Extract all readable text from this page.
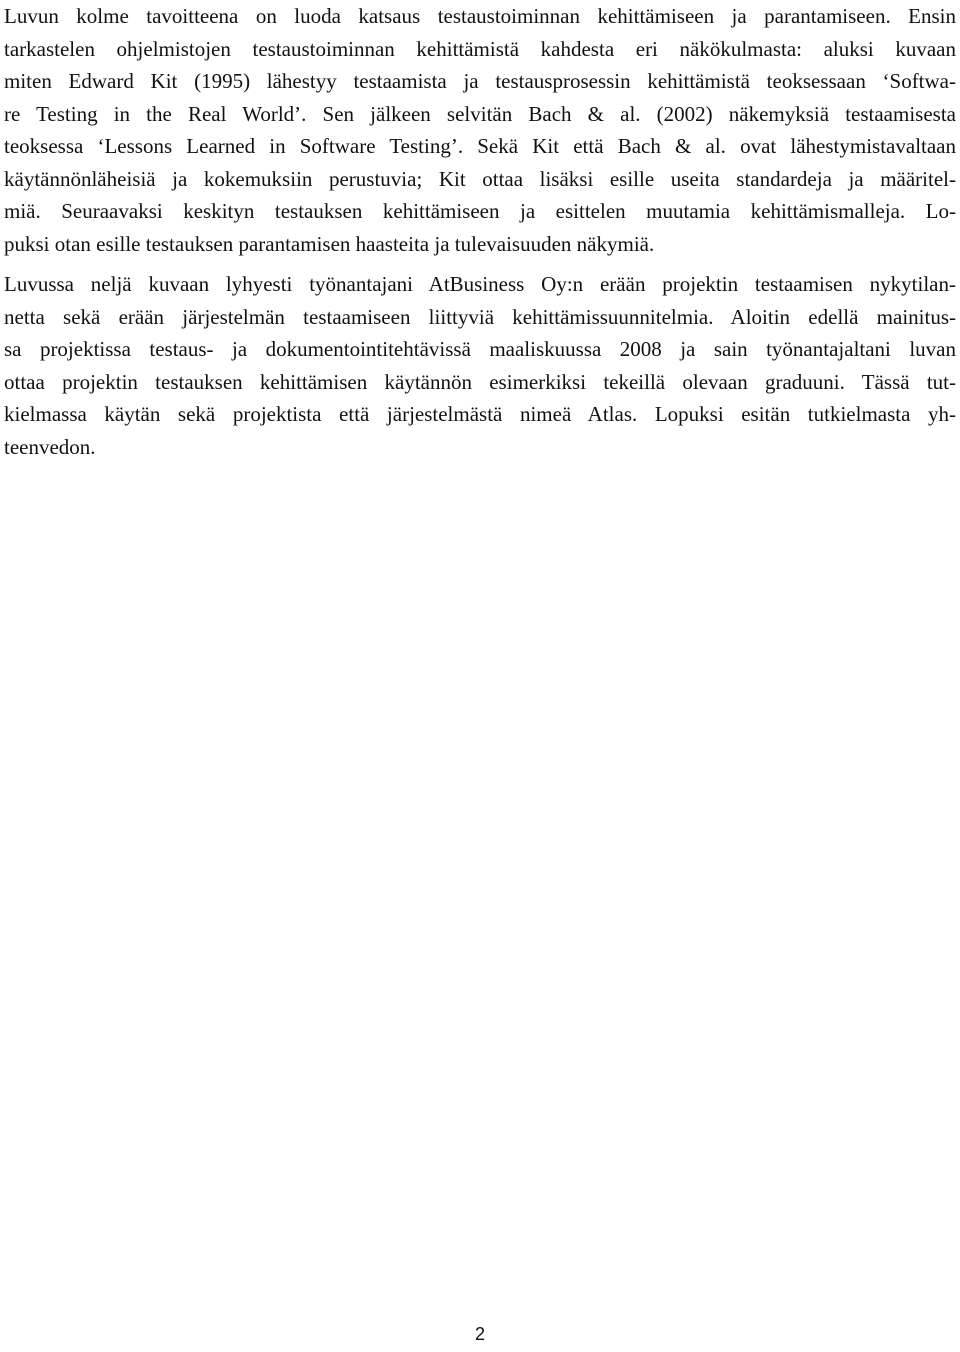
Luvun kolme tavoitteena on luoda katsaus testaustoiminnan kehittämiseen ja parantamiseen. Ensin
tarkastelen ohjelmistojen testaustoiminnan kehittämistä kahdesta eri näkökulmasta: aluksi kuvaan
miten Edward Kit (1995) lähestyy testaamista ja testausprosessin kehittämistä teoksessaan ‘Softwa-
re Testing in the Real World’. Sen jälkeen selvitän Bach & al. (2002) näkemyksiä testaamisesta
teoksessa ‘Lessons Learned in Software Testing’. Sekä Kit että Bach & al. ovat lähestymistavaltaan
käytännönläheisiä ja kokemuksiin perustuvia; Kit ottaa lisäksi esille useita standardeja ja määritel-
miä. Seuraavaksi keskityn testauksen kehittämiseen ja esittelen muutamia kehittämismalleja. Lo-
puksi otan esille testauksen parantamisen haasteita ja tulevaisuuden näkymiä.

Luvussa neljä kuvaan lyhyesti työnantajani AtBusiness Oy:n erään projektin testaamisen nykytilan-
netta sekä erään järjestelmän testaamiseen liittyviä kehittämissuunnitelmia. Aloitin edellä mainitus-
sa projektissa testaus- ja dokumentointitehtävissä maaliskuussa 2008 ja sain työnantajaltani luvan
ottaa projektin testauksen kehittämisen käytännön esimerkiksi tekeillä olevaan graduuni. Tässä tut-
kielmassa käytän sekä projektista että järjestelmästä nimeä Atlas. Lopuksi esitän tutkielmasta yh-
teenvedon.

2
